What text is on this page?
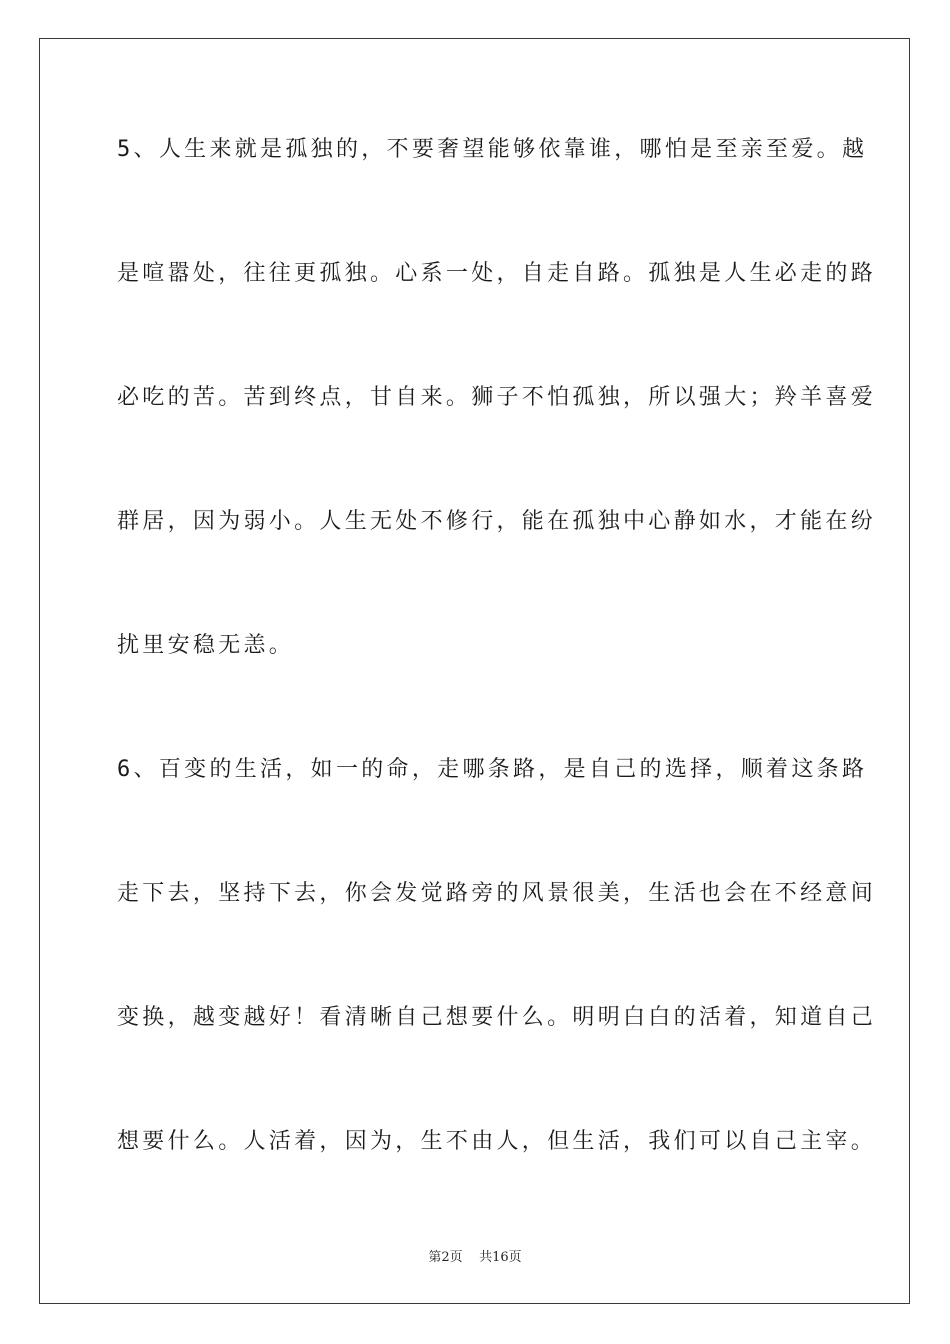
5、人生来就是孤独的，不要奢望能够依靠谁，哪怕是至亲至爱。越
是喧嚣处，往往更孤独。心系一处，自走自路。孤独是人生必走的路
必吃的苦。苦到终点，甘自来。狮子不怕孤独，所以强大；羚羊喜爱
群居，因为弱小。人生无处不修行，能在孤独中心静如水，才能在纷
扰里安稳无恙。
6、百变的生活，如一的命，走哪条路，是自己的选择，顺着这条路
走下去，坚持下去，你会发觉路旁的风景很美，生活也会在不经意间
变换，越变越好！看清晰自己想要什么。明明白白的活着，知道自己
想要什么。人活着，因为，生不由人，但生活，我们可以自己主宰。
第2页 共16页
